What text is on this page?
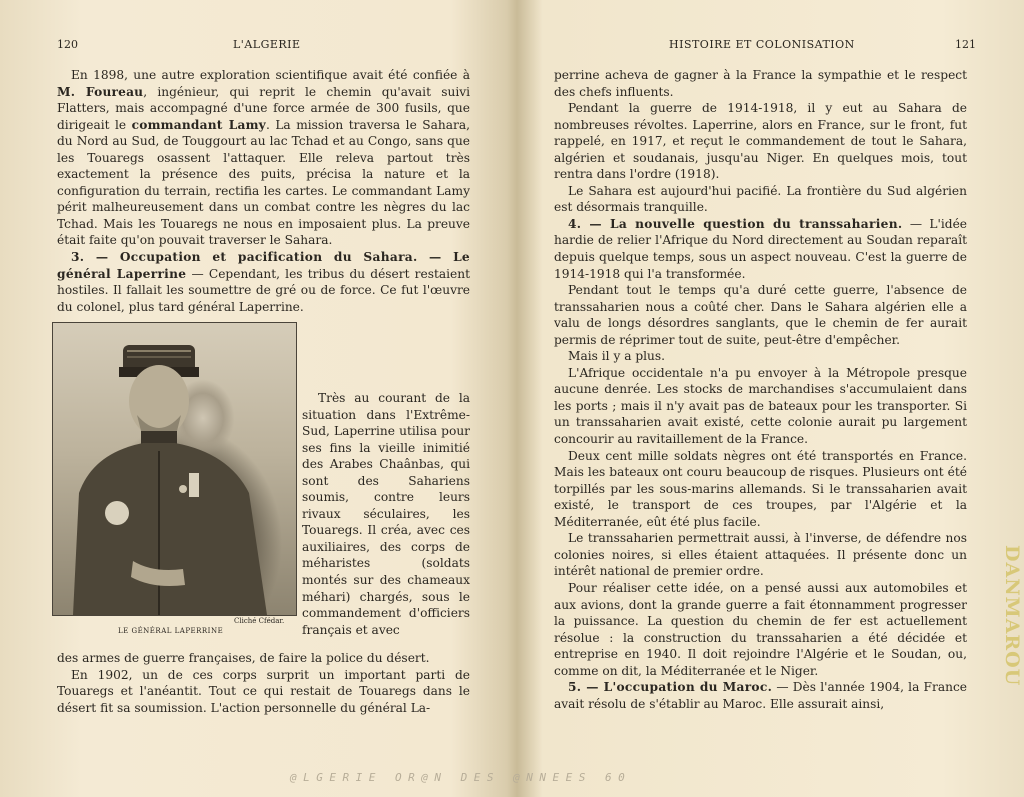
120	L'ALGERIE

En 1898, une autre exploration scientifique avait été confiée à M. Foureau, ingénieur, qui reprit le chemin qu'avait suivi Flatters, mais accompagné d'une force armée de 300 fusils, que dirigeait le commandant Lamy. La mission traversa le Sahara, du Nord au Sud, de Touggourt au lac Tchad et au Congo, sans que les Touaregs osassent l'attaquer. Elle releva partout très exactement la présence des puits, précisa la nature et la configuration du terrain, rectifia les cartes. Le commandant Lamy périt malheureusement dans un combat contre les nègres du lac Tchad. Mais les Touaregs ne nous en imposaient plus. La preuve était faite qu'on pouvait traverser le Sahara.

3. — Occupation et pacification du Sahara. — Le général Laperrine — Cependant, les tribus du désert restaient hostiles. Il fallait les soumettre de gré ou de force. Ce fut l'œuvre du colonel, plus tard général Laperrine.

Cliché Cfédar.
LE GÉNÉRAL LAPERRINE

Très au courant de la situation dans l'Extrême-Sud, Laperrine utilisa pour ses fins la vieille inimitié des Arabes Chaânbas, qui sont des Sahariens soumis, contre leurs rivaux séculaires, les Touaregs. Il créa, avec ces auxiliaires, des corps de méharistes (soldats montés sur des chameaux méhari) chargés, sous le commandement d'officiers français et avec

des armes de guerre françaises, de faire la police du désert.

En 1902, un de ces corps surprit un important parti de Touaregs et l'anéantit. Tout ce qui restait de Touaregs dans le désert fit sa soumission. L'action personnelle du général La-

HISTOIRE ET COLONISATION	121

perrine acheva de gagner à la France la sympathie et le respect des chefs influents.

Pendant la guerre de 1914-1918, il y eut au Sahara de nombreuses révoltes. Laperrine, alors en France, sur le front, fut rappelé, en 1917, et reçut le commandement de tout le Sahara, algérien et soudanais, jusqu'au Niger. En quelques mois, tout rentra dans l'ordre (1918).

Le Sahara est aujourd'hui pacifié. La frontière du Sud algérien est désormais tranquille.

4. — La nouvelle question du transsaharien. — L'idée hardie de relier l'Afrique du Nord directement au Soudan reparaît depuis quelque temps, sous un aspect nouveau. C'est la guerre de 1914-1918 qui l'a transformée.

Pendant tout le temps qu'a duré cette guerre, l'absence de transsaharien nous a coûté cher. Dans le Sahara algérien elle a valu de longs désordres sanglants, que le chemin de fer aurait permis de réprimer tout de suite, peut-être d'empêcher.

Mais il y a plus.

L'Afrique occidentale n'a pu envoyer à la Métropole presque aucune denrée. Les stocks de marchandises s'accumulaient dans les ports ; mais il n'y avait pas de bateaux pour les transporter. Si un transsaharien avait existé, cette colonie aurait pu largement concourir au ravitaillement de la France.

Deux cent mille soldats nègres ont été transportés en France. Mais les bateaux ont couru beaucoup de risques. Plusieurs ont été torpillés par les sous-marins allemands. Si le transsaharien avait existé, le transport de ces troupes, par l'Algérie et la Méditerranée, eût été plus facile.

Le transsaharien permettrait aussi, à l'inverse, de défendre nos colonies noires, si elles étaient attaquées. Il présente donc un intérêt national de premier ordre.

Pour réaliser cette idée, on a pensé aussi aux automobiles et aux avions, dont la grande guerre a fait étonnamment progresser la puissance. La question du chemin de fer est actuellement résolue : la construction du transsaharien a été décidée et entreprise en 1940. Il doit rejoindre l'Algérie et le Soudan, ou, comme on dit, la Méditerranée et le Niger.

5. — L'occupation du Maroc. — Dès l'année 1904, la France avait résolu de s'établir au Maroc. Elle assurait ainsi,

@LGERIE OR@N DES @NNEES 60
DANMAROU
